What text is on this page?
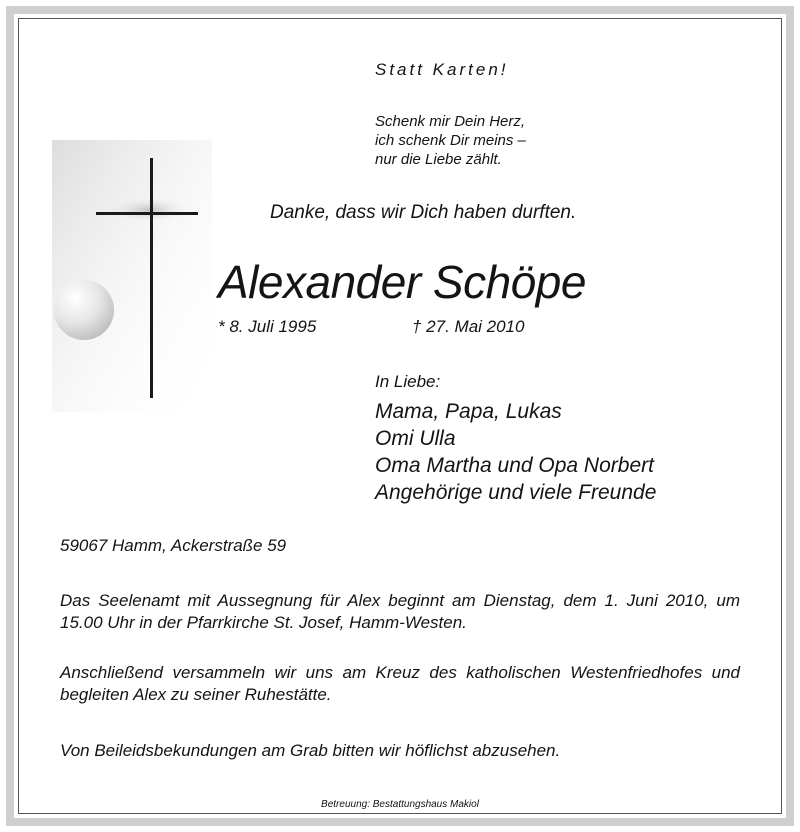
Statt Karten!

Schenk mir Dein Herz,
ich schenk Dir meins –
nur die Liebe zählt.

Danke, dass wir Dich haben durften.

Alexander Schöpe

* 8. Juli 1995	† 27. Mai 2010

In Liebe:

Mama, Papa, Lukas
Omi Ulla
Oma Martha und Opa Norbert
Angehörige und viele Freunde

59067 Hamm, Ackerstraße 59

Das Seelenamt mit Aussegnung für Alex beginnt am Dienstag, dem 1. Juni 2010, um 15.00 Uhr in der Pfarrkirche St. Josef, Hamm-Westen.

Anschließend versammeln wir uns am Kreuz des katholischen Westenfriedhofes und begleiten Alex zu seiner Ruhestätte.

Von Beileidsbekundungen am Grab bitten wir höflichst abzusehen.

Betreuung: Bestattungshaus Makiol
